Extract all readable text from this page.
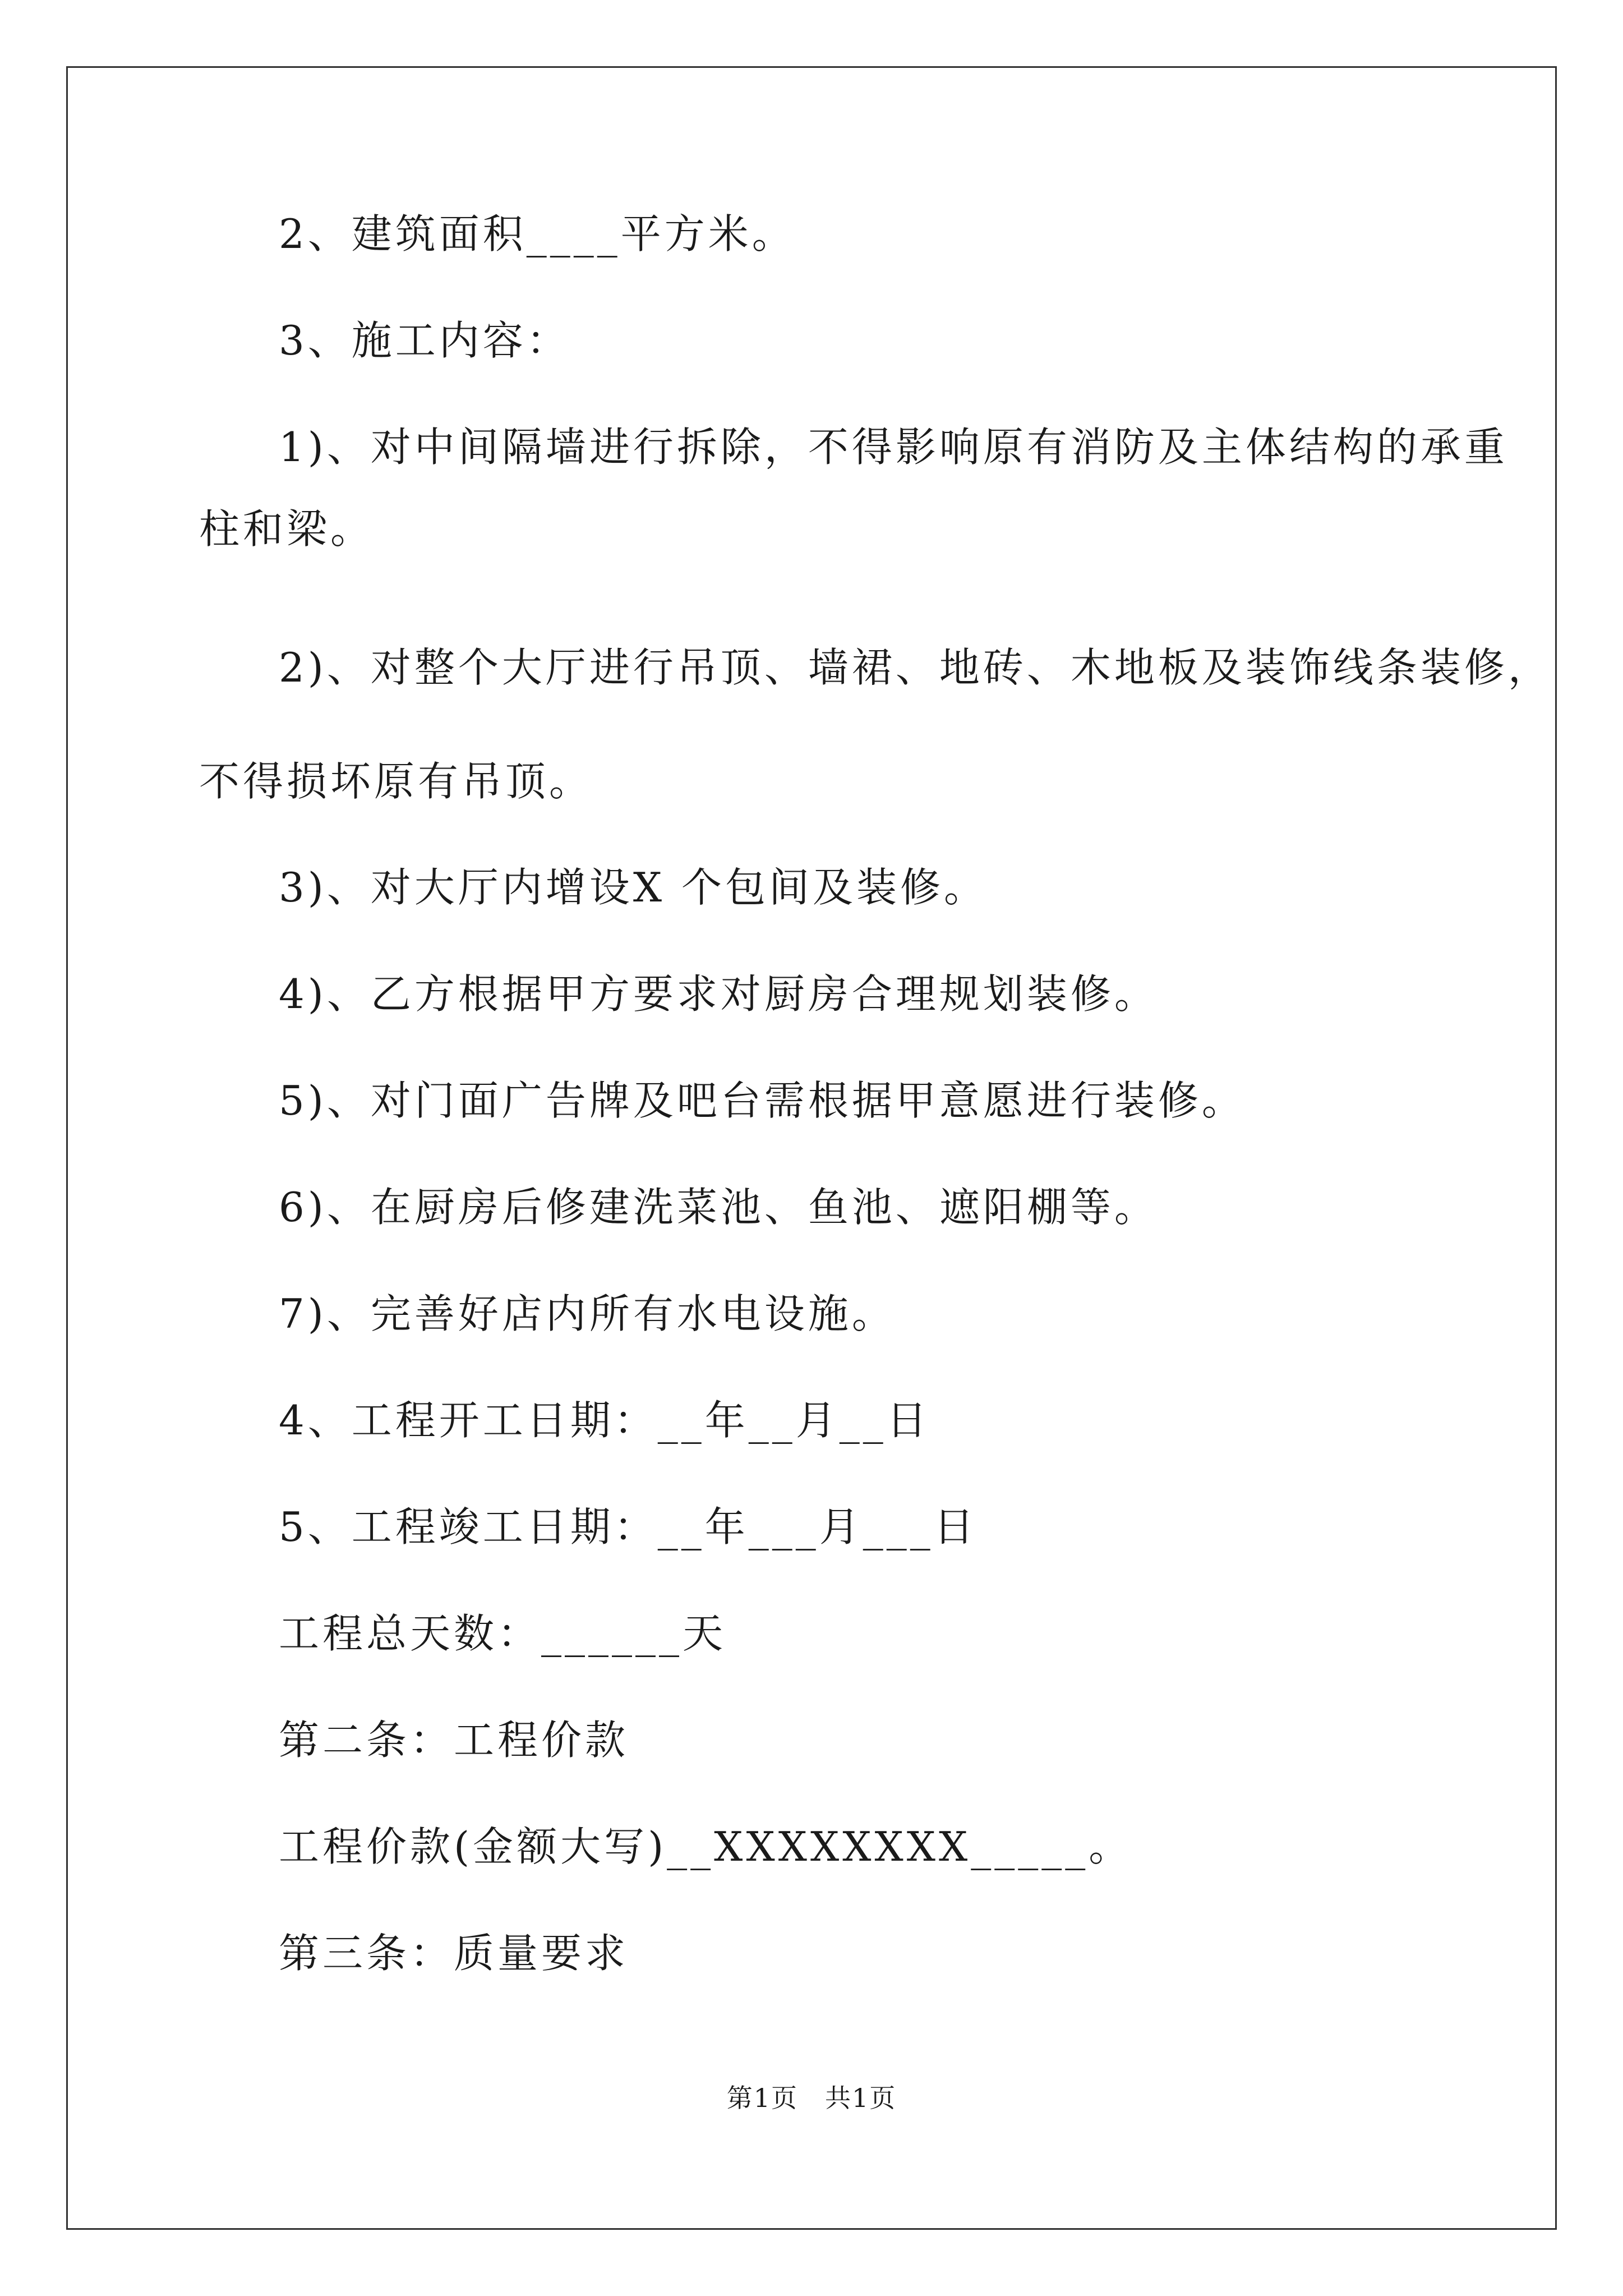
2、建筑面积____平方米。
3、施工内容：
1)、对中间隔墙进行拆除，不得影响原有消防及主体结构的承重
柱和梁。
2)、对整个大厅进行吊顶、墙裙、地砖、木地板及装饰线条装修，
不得损坏原有吊顶。
3)、对大厅内增设X 个包间及装修。
4)、乙方根据甲方要求对厨房合理规划装修。
5)、对门面广告牌及吧台需根据甲意愿进行装修。
6)、在厨房后修建洗菜池、鱼池、遮阳棚等。
7)、完善好店内所有水电设施。
4、工程开工日期：__年__月__日
5、工程竣工日期：__年___月___日
工程总天数：______天
第二条：工程价款
工程价款(金额大写)__XXXXXXXX_____。
第三条：质量要求
第1页　共1页
